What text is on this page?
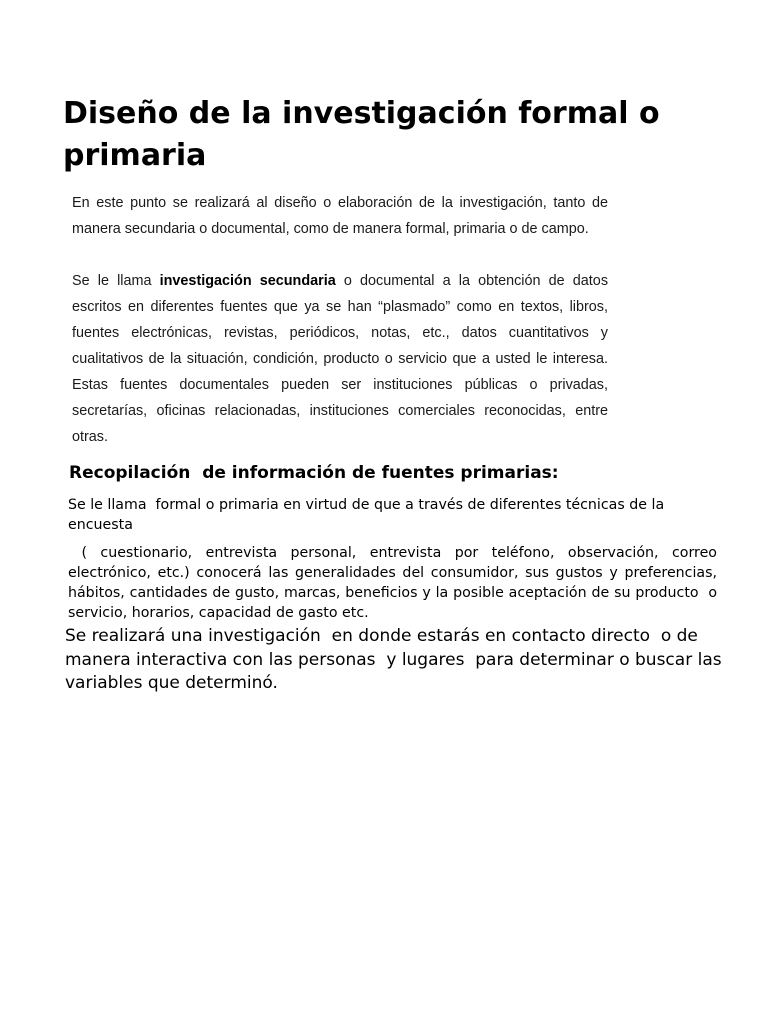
Diseño de la investigación formal o primaria

En este punto se realizará al diseño o elaboración de la investigación, tanto de manera secundaria o documental, como de manera formal, primaria o de campo.

Se le llama investigación secundaria o documental a la obtención de datos escritos en diferentes fuentes que ya se han “plasmado” como en textos, libros, fuentes electrónicas, revistas, periódicos, notas, etc., datos cuantitativos y cualitativos de la situación, condición, producto o servicio que a usted le interesa. Estas fuentes documentales pueden ser instituciones públicas o privadas, secretarías, oficinas relacionadas, instituciones comerciales reconocidas, entre otras.

Recopilación  de información de fuentes primarias:

Se le llama  formal o primaria en virtud de que a través de diferentes técnicas de la encuesta

( cuestionario, entrevista personal, entrevista por teléfono, observación, correo electrónico, etc.) conocerá las generalidades del consumidor, sus gustos y preferencias, hábitos, cantidades de gusto, marcas, beneficios y la posible aceptación de su producto  o servicio, horarios, capacidad de gasto etc.

Se realizará una investigación  en donde estarás en contacto directo  o de manera interactiva con las personas  y lugares  para determinar o buscar las variables que determinó.
